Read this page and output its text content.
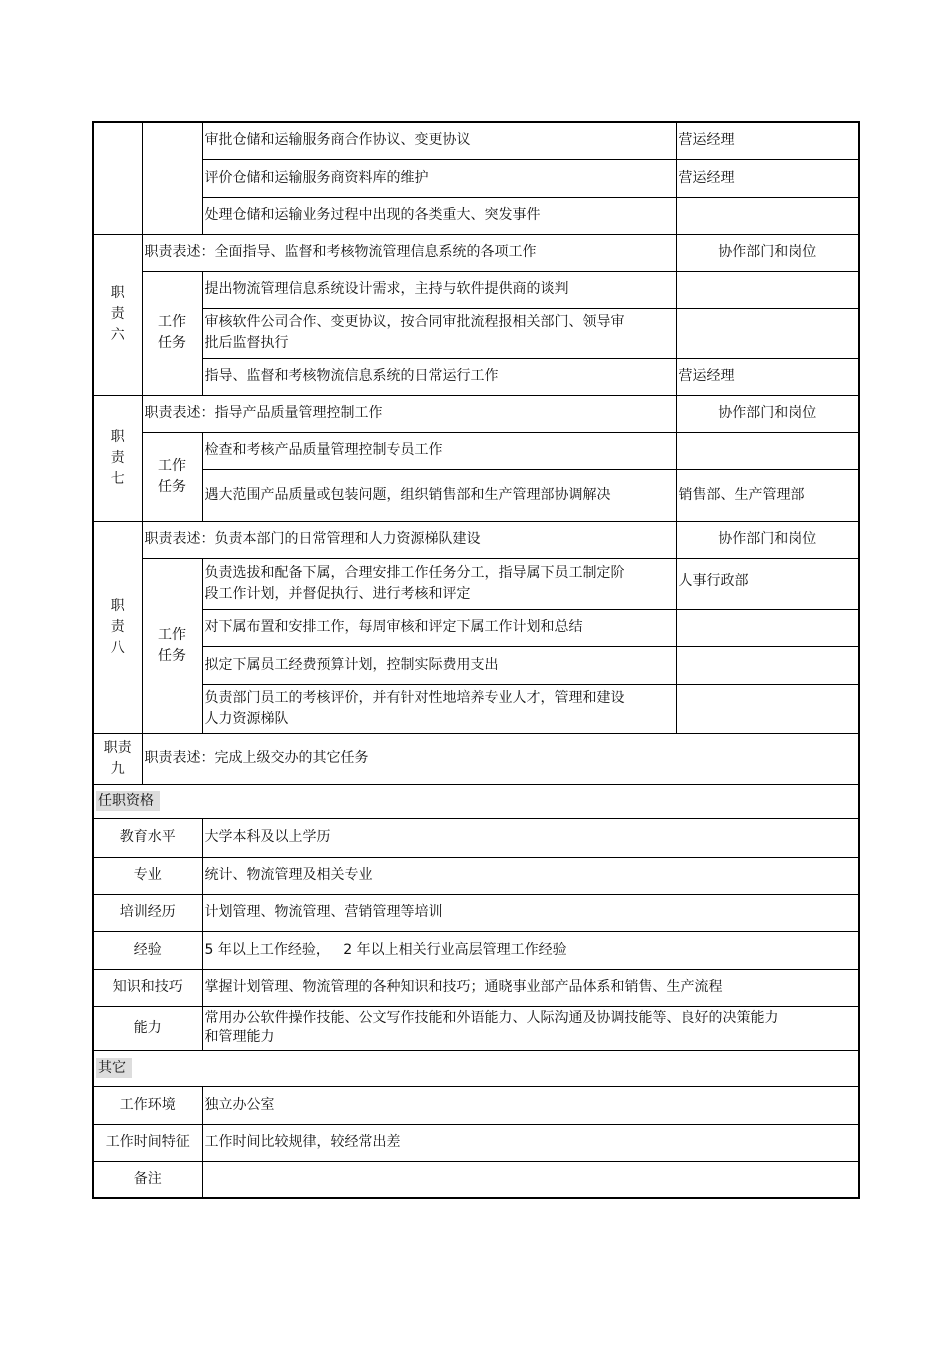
		审批仓储和运输服务商合作协议、变更协议	营运经理
		评价仓储和运输服务商资料库的维护	营运经理
		处理仓储和运输业务过程中出现的各类重大、突发事件	

职
责
六	职责表述：全面指导、监督和考核物流管理信息系统的各项工作		协作部门和岗位

	工作
任务	提出物流管理信息系统设计需求，主持与软件提供商的谈判	
		审核软件公司合作、变更协议，按合同审批流程报相关部门、领导审批后监督执行	
		指导、监督和考核物流信息系统的日常运行工作	营运经理

职
责
七	职责表述：指导产品质量管理控制工作		协作部门和岗位

	工作
任务	检查和考核产品质量管理控制专员工作	
		遇大范围产品质量或包装问题，组织销售部和生产管理部协调解决	销售部、生产管理部

职
责
八	职责表述：负责本部门的日常管理和人力资源梯队建设		协作部门和岗位

	工作
任务	负责选拔和配备下属，合理安排工作任务分工，指导属下员工制定阶段工作计划，并督促执行、进行考核和评定	人事行政部
		对下属布置和安排工作，每周审核和评定下属工作计划和总结	
		拟定下属员工经费预算计划，控制实际费用支出	
		负责部门员工的考核评价，并有针对性地培养专业人才，管理和建设人力资源梯队	

职责
九	职责表述：完成上级交办的其它任务		
任职资格			
教育水平		大学本科及以上学历	
专业		统计、物流管理及相关专业	
培训经历		计划管理、物流管理、营销管理等培训	
经验		5 年以上工作经验，   2 年以上相关行业高层管理工作经验	
知识和技巧		掌握计划管理、物流管理的各种知识和技巧；通晓事业部产品体系和销售、生产流程	
能力		常用办公软件操作技能、公文写作技能和外语能力、人际沟通及协调技能等、良好的决策能力和管理能力	
其它			
工作环境		独立办公室	
工作时间特征		工作时间比较规律，较经常出差	
备注			
